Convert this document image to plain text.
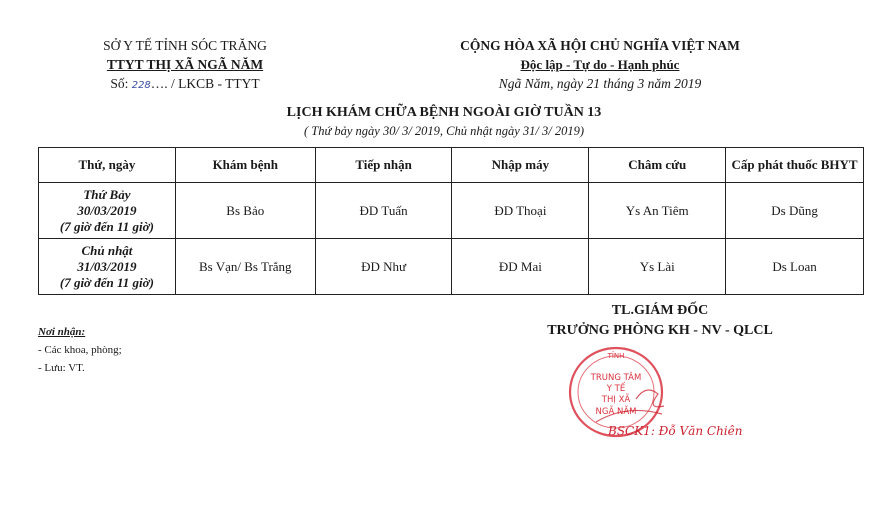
SỞ Y TẾ TỈNH SÓC TRĂNG
TTYT THỊ XÃ NGÃ NĂM
Số: 228…. / LKCB - TTYT
CỘNG HÒA XÃ HỘI CHỦ NGHĨA VIỆT NAM
Độc lập - Tự do - Hạnh phúc
Ngã Năm, ngày 21 tháng 3 năm 2019
LỊCH KHÁM CHỮA BỆNH NGOÀI GIỜ TUẦN 13
( Thứ bảy ngày 30/ 3/ 2019, Chủ nhật ngày 31/ 3/ 2019)
Thứ, ngày	Khám bệnh	Tiếp nhận	Nhập máy	Châm cứu	Cấp phát thuốc BHYT

Thứ Bảy
30/03/2019
(7 giờ đến 11 giờ)	Bs Bảo	ĐD Tuấn	ĐD Thoại	Ys An Tiêm	Ds Dũng

Chủ nhật
31/03/2019
(7 giờ đến 11 giờ)	Bs Vạn/ Bs Trắng	ĐD Như	ĐD Mai	Ys Lài	Ds Loan
TL.GIÁM ĐỐC
TRƯỞNG PHÒNG KH - NV - QLCL
Nơi nhận:
- Các khoa, phòng;
- Lưu: VT.
TỈNH
TRUNG TÂM
Y TẾ
THỊ XÃ
NGÃ NĂM
BSCK1: Đỗ Văn Chiên
